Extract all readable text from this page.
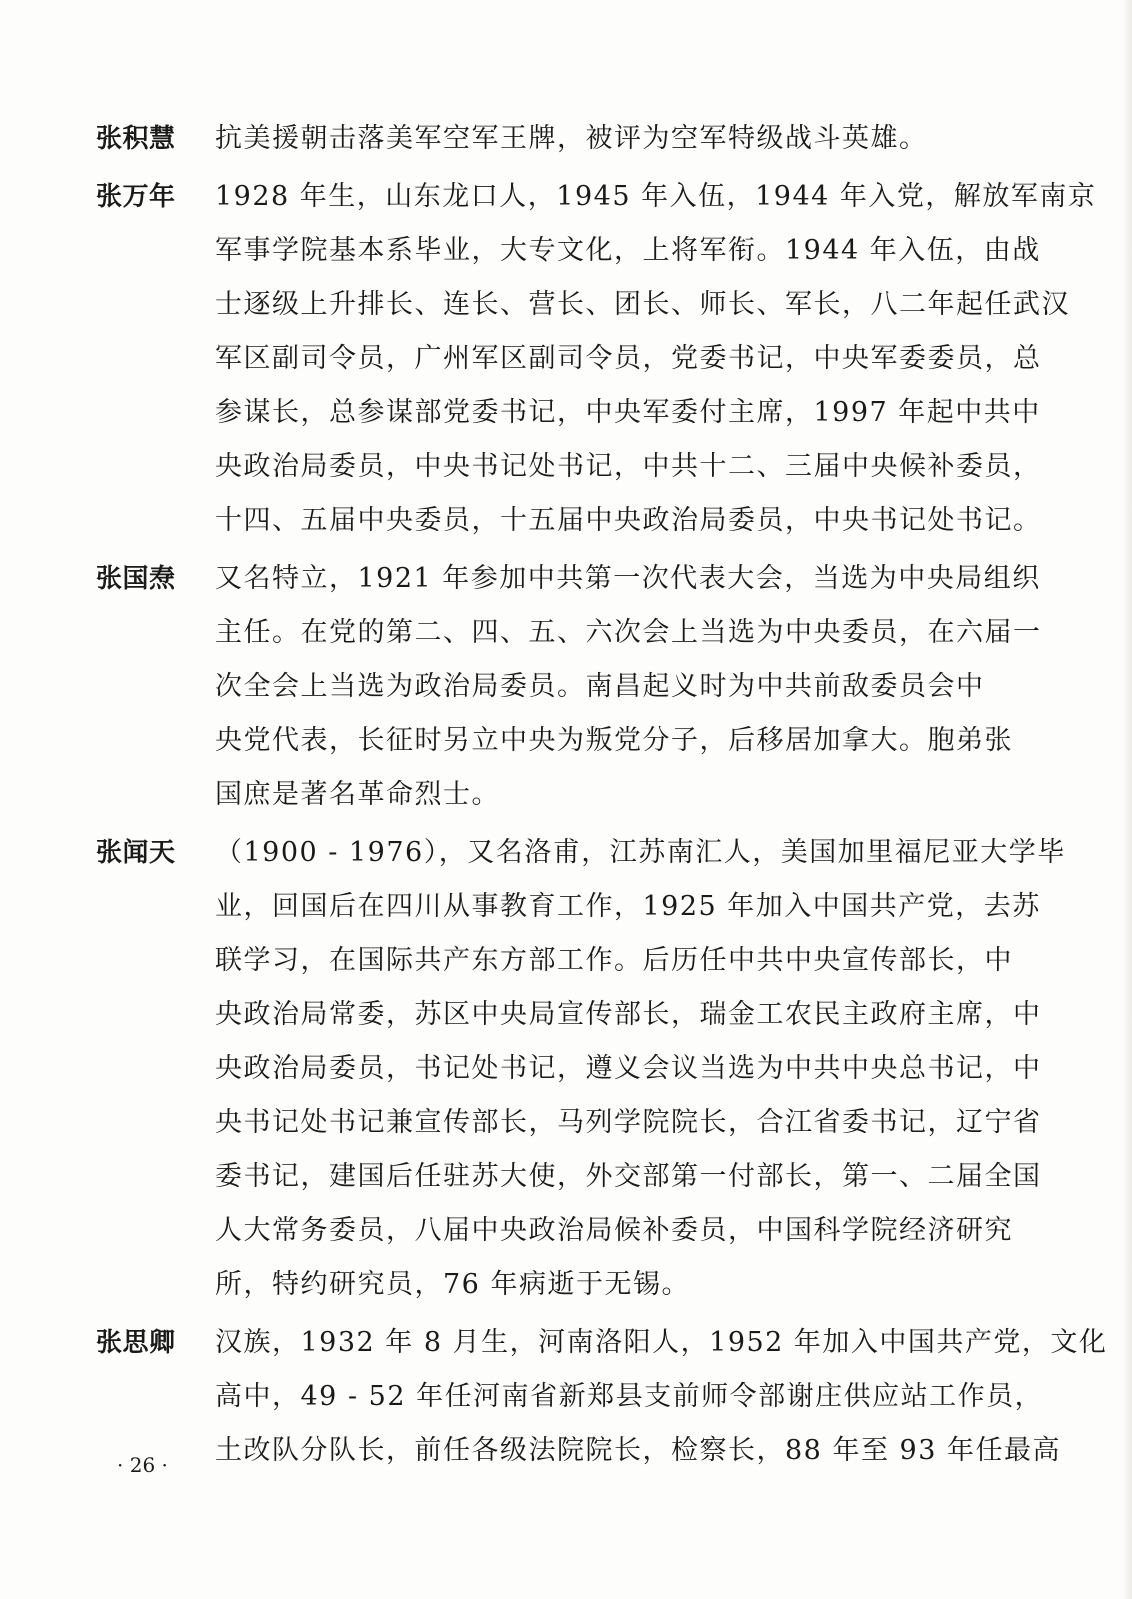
张积慧	抗美援朝击落美军空军王牌，被评为空军特级战斗英雄。
张万年	1928 年生，山东龙口人，1945 年入伍，1944 年入党，解放军南京
军事学院基本系毕业，大专文化，上将军衔。1944 年入伍，由战
士逐级上升排长、连长、营长、团长、师长、军长，八二年起任武汉
军区副司令员，广州军区副司令员，党委书记，中央军委委员，总
参谋长，总参谋部党委书记，中央军委付主席，1997 年起中共中
央政治局委员，中央书记处书记，中共十二、三届中央候补委员，
十四、五届中央委员，十五届中央政治局委员，中央书记处书记。
张国焘	又名特立，1921 年参加中共第一次代表大会，当选为中央局组织
主任。在党的第二、四、五、六次会上当选为中央委员，在六届一
次全会上当选为政治局委员。南昌起义时为中共前敌委员会中
央党代表，长征时另立中央为叛党分子，后移居加拿大。胞弟张
国庶是著名革命烈士。
张闻天	（1900 - 1976），又名洛甫，江苏南汇人，美国加里福尼亚大学毕
业，回国后在四川从事教育工作，1925 年加入中国共产党，去苏
联学习，在国际共产东方部工作。后历任中共中央宣传部长，中
央政治局常委，苏区中央局宣传部长，瑞金工农民主政府主席，中
央政治局委员，书记处书记，遵义会议当选为中共中央总书记，中
央书记处书记兼宣传部长，马列学院院长，合江省委书记，辽宁省
委书记，建国后任驻苏大使，外交部第一付部长，第一、二届全国
人大常务委员，八届中央政治局候补委员，中国科学院经济研究
所，特约研究员，76 年病逝于无锡。
张思卿	汉族，1932 年 8 月生，河南洛阳人，1952 年加入中国共产党，文化
高中，49 - 52 年任河南省新郑县支前师令部谢庄供应站工作员，
土改队分队长，前任各级法院院长，检察长，88 年至 93 年任最高
· 26 ·
